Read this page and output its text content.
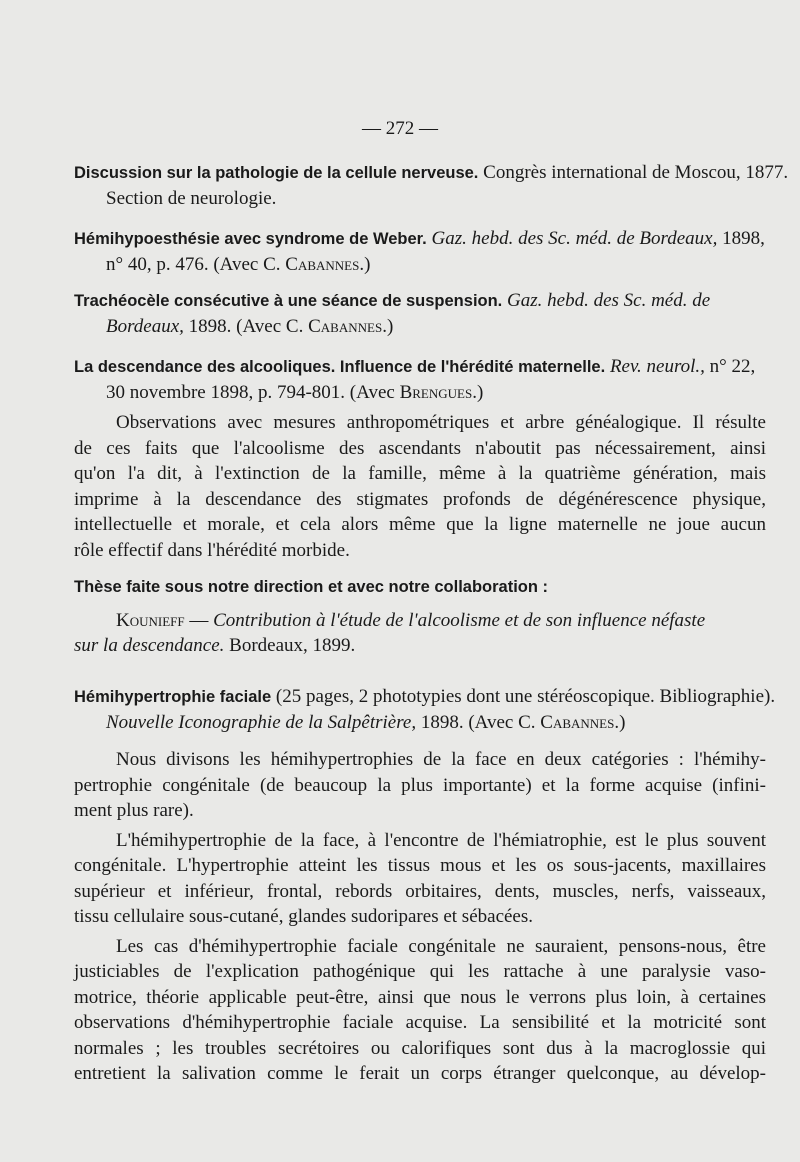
— 272 —
Discussion sur la pathologie de la cellule nerveuse. Congrès international de Moscou, 1877.
Section de neurologie.
Hémihypoesthésie avec syndrome de Weber. Gaz. hebd. des Sc. méd. de Bordeaux, 1898,
n° 40, p. 476. (Avec C. Cabannes.)
Trachéocèle consécutive à une séance de suspension. Gaz. hebd. des Sc. méd. de
Bordeaux, 1898. (Avec C. Cabannes.)
La descendance des alcooliques. Influence de l'hérédité maternelle. Rev. neurol., n° 22,
30 novembre 1898, p. 794-801. (Avec Brengues.)
Observations avec mesures anthropométriques et arbre généalogique. Il résulte
de ces faits que l'alcoolisme des ascendants n'aboutit pas nécessairement, ainsi
qu'on l'a dit, à l'extinction de la famille, même à la quatrième génération, mais
imprime à la descendance des stigmates profonds de dégénérescence physique,
intellectuelle et morale, et cela alors même que la ligne maternelle ne joue aucun
rôle effectif dans l'hérédité morbide.
Thèse faite sous notre direction et avec notre collaboration :
Kounieff — Contribution à l'étude de l'alcoolisme et de son influence néfaste
sur la descendance. Bordeaux, 1899.
Hémihypertrophie faciale (25 pages, 2 phototypies dont une stéréoscopique. Bibliographie).
Nouvelle Iconographie de la Salpêtrière, 1898. (Avec C. Cabannes.)
Nous divisons les hémihypertrophies de la face en deux catégories : l'hémihy-
pertrophie congénitale (de beaucoup la plus importante) et la forme acquise (infini-
ment plus rare).
L'hémihypertrophie de la face, à l'encontre de l'hémiatrophie, est le plus souvent
congénitale. L'hypertrophie atteint les tissus mous et les os sous-jacents, maxillaires
supérieur et inférieur, frontal, rebords orbitaires, dents, muscles, nerfs, vaisseaux,
tissu cellulaire sous-cutané, glandes sudoripares et sébacées.
Les cas d'hémihypertrophie faciale congénitale ne sauraient, pensons-nous, être
justiciables de l'explication pathogénique qui les rattache à une paralysie vaso-
motrice, théorie applicable peut-être, ainsi que nous le verrons plus loin, à certaines
observations d'hémihypertrophie faciale acquise. La sensibilité et la motricité sont
normales ; les troubles secrétoires ou calorifiques sont dus à la macroglossie qui
entretient la salivation comme le ferait un corps étranger quelconque, au dévelop-
